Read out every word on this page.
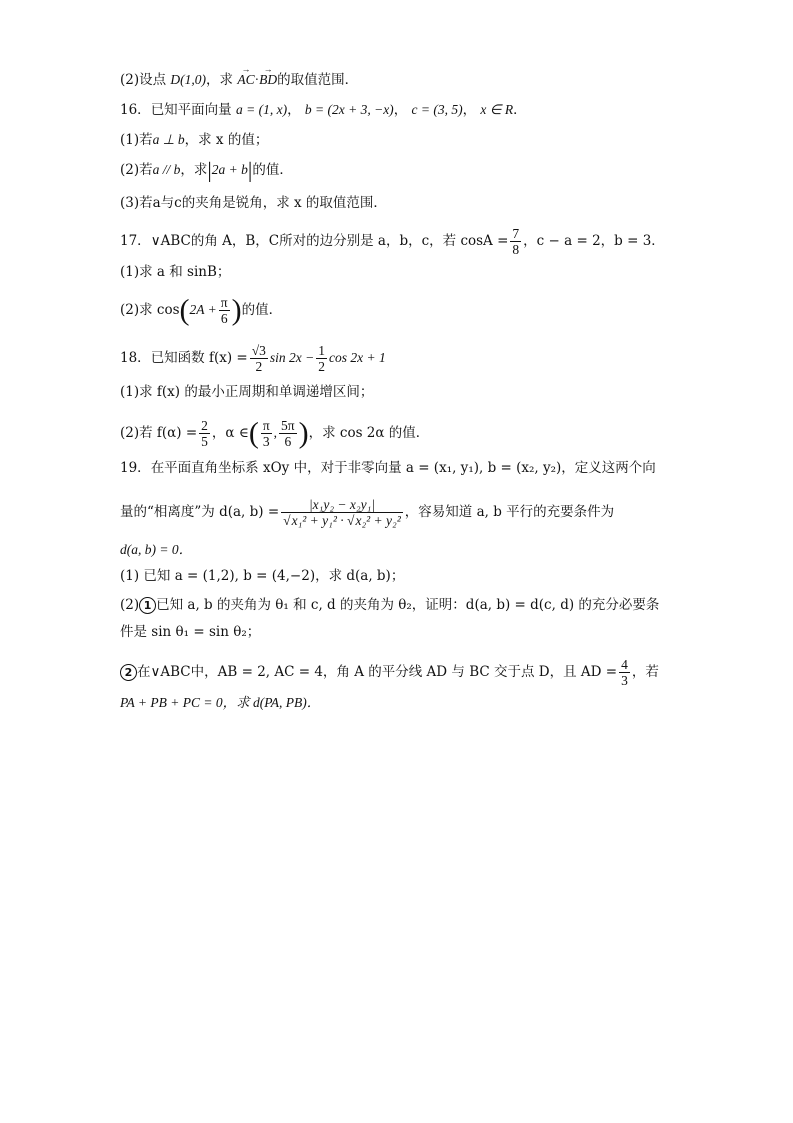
(2)设点 D(1,0)，求 → AC·→ BD的取值范围．
16．已知平面向量 a = (1, x)， b = (2x + 3, −x)， c = (3, 5)， x ∈ R．
(1)若a ⊥ b，求 x 的值；
(2)若a // b，求|2a + b|的值．
(3)若a与c的夹角是锐角，求 x 的取值范围．
17．∨ABC的角 A，B，C所对的边分别是 a，b，c，若 $\cos A = \frac{7}{8}$ ，c − a = 2，b = 3．
(1)求 a 和 sinB；
(2)求 $\cos(2A + \frac{\pi}{6}$ )的值．
18．已知函数 $f(x) = \frac{√3}{2}$ $\sin 2x - \frac{1}{2}$ cos 2x + 1
(1)求 f(x) 的最小正周期和单调递增区间；
(2)若 $f(\alpha) = \frac{2}{5}$ ，α ∈( $\frac{\pi}{3}$ , $\frac{5\pi}{6}$ )，求 cos 2α 的值．
19．在平面直角坐标系 xOy 中，对于非零向量 a = (x₁, y₁), b = (x₂, y₂)，定义这两个向
量的“相离度”为 d(a, $b) = \frac{\text{|x₁y₂ − x₂y₁|}}{\text{√x₁² + y₁² · √x₂² + y₂²}}$ ，容易知道 a, b 平行的充要条件为
d(a, b) = 0．
(1) 已知 a = (1,2), b = (4,−2)，求 d(a, b)；
(2) 1 已知 a, b 的夹角为 θ₁ 和 c, d 的夹角为 θ₂，证明：d(a, b) = d(c, d) 的充分必要条
件是 sin θ₁ = sin θ₂；
2 在∨ABC中，AB = 2, AC = 4，角 A 的平分线 AD 与 BC 交于点 D，且 AD = $\frac{4}{3}$ ，若
PA + PB + PC = 0，求 d(PA, PB)．
